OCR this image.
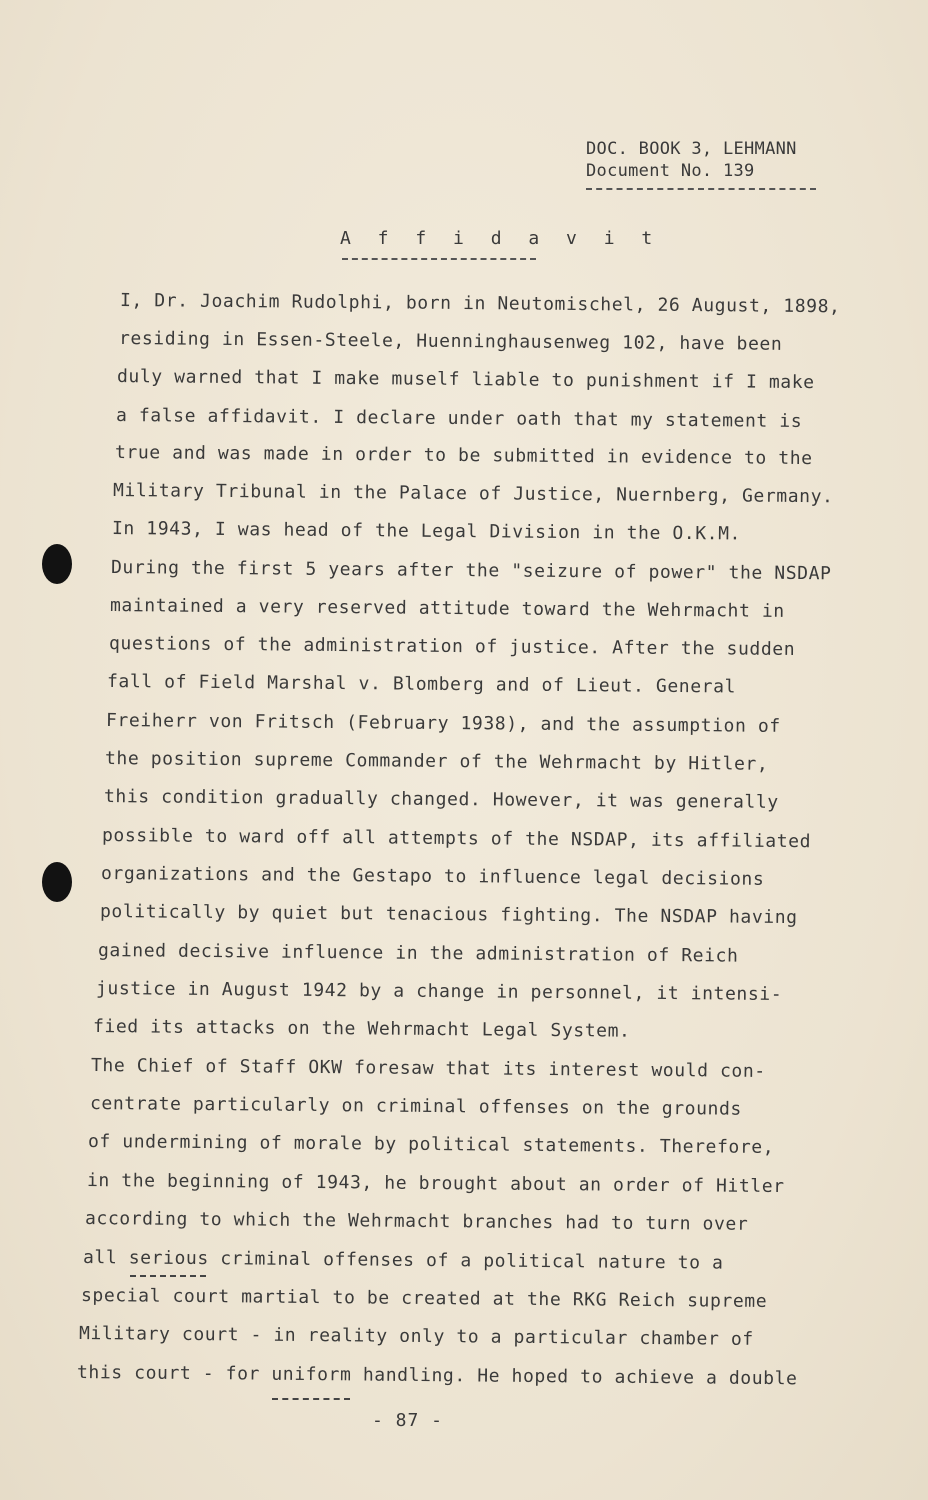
DOC. BOOK 3, LEHMANN
Document No. 139
A f f i d a v i t
I, Dr. Joachim Rudolphi, born in Neutomischel, 26 August, 1898,
residing in Essen-Steele, Huenninghausenweg 102, have been
duly warned that I make muself liable to punishment if I make
a false affidavit. I declare under oath that my statement is
true and was made in order to be submitted in evidence to the
Military Tribunal in the Palace of Justice, Nuernberg, Germany.
In 1943, I was head of the Legal Division in the O.K.M.
During the first 5 years after the "seizure of power" the NSDAP
maintained a very reserved attitude toward the Wehrmacht in
questions of the administration of justice. After the sudden
fall of Field Marshal v. Blomberg and of Lieut. General
Freiherr von Fritsch (February 1938), and the assumption of
the position supreme Commander of the Wehrmacht by Hitler,
this condition gradually changed. However, it was generally
possible to ward off all attempts of the NSDAP, its affiliated
organizations and the Gestapo to influence legal decisions
politically by quiet but tenacious fighting. The NSDAP having
gained decisive influence in the administration of Reich
justice in August 1942 by a change in personnel, it intensi-
fied its attacks on the Wehrmacht Legal System.
The Chief of Staff OKW foresaw that its interest would con-
centrate particularly on criminal offenses on the grounds
of undermining of morale by political statements. Therefore,
in the beginning of 1943, he brought about an order of Hitler
according to which the Wehrmacht branches had to turn over
all serious criminal offenses of a political nature to a
special court martial to be created at the RKG Reich supreme
Military court - in reality only to a particular chamber of
this court - for uniform handling. He hoped to achieve a double
- 87 -
